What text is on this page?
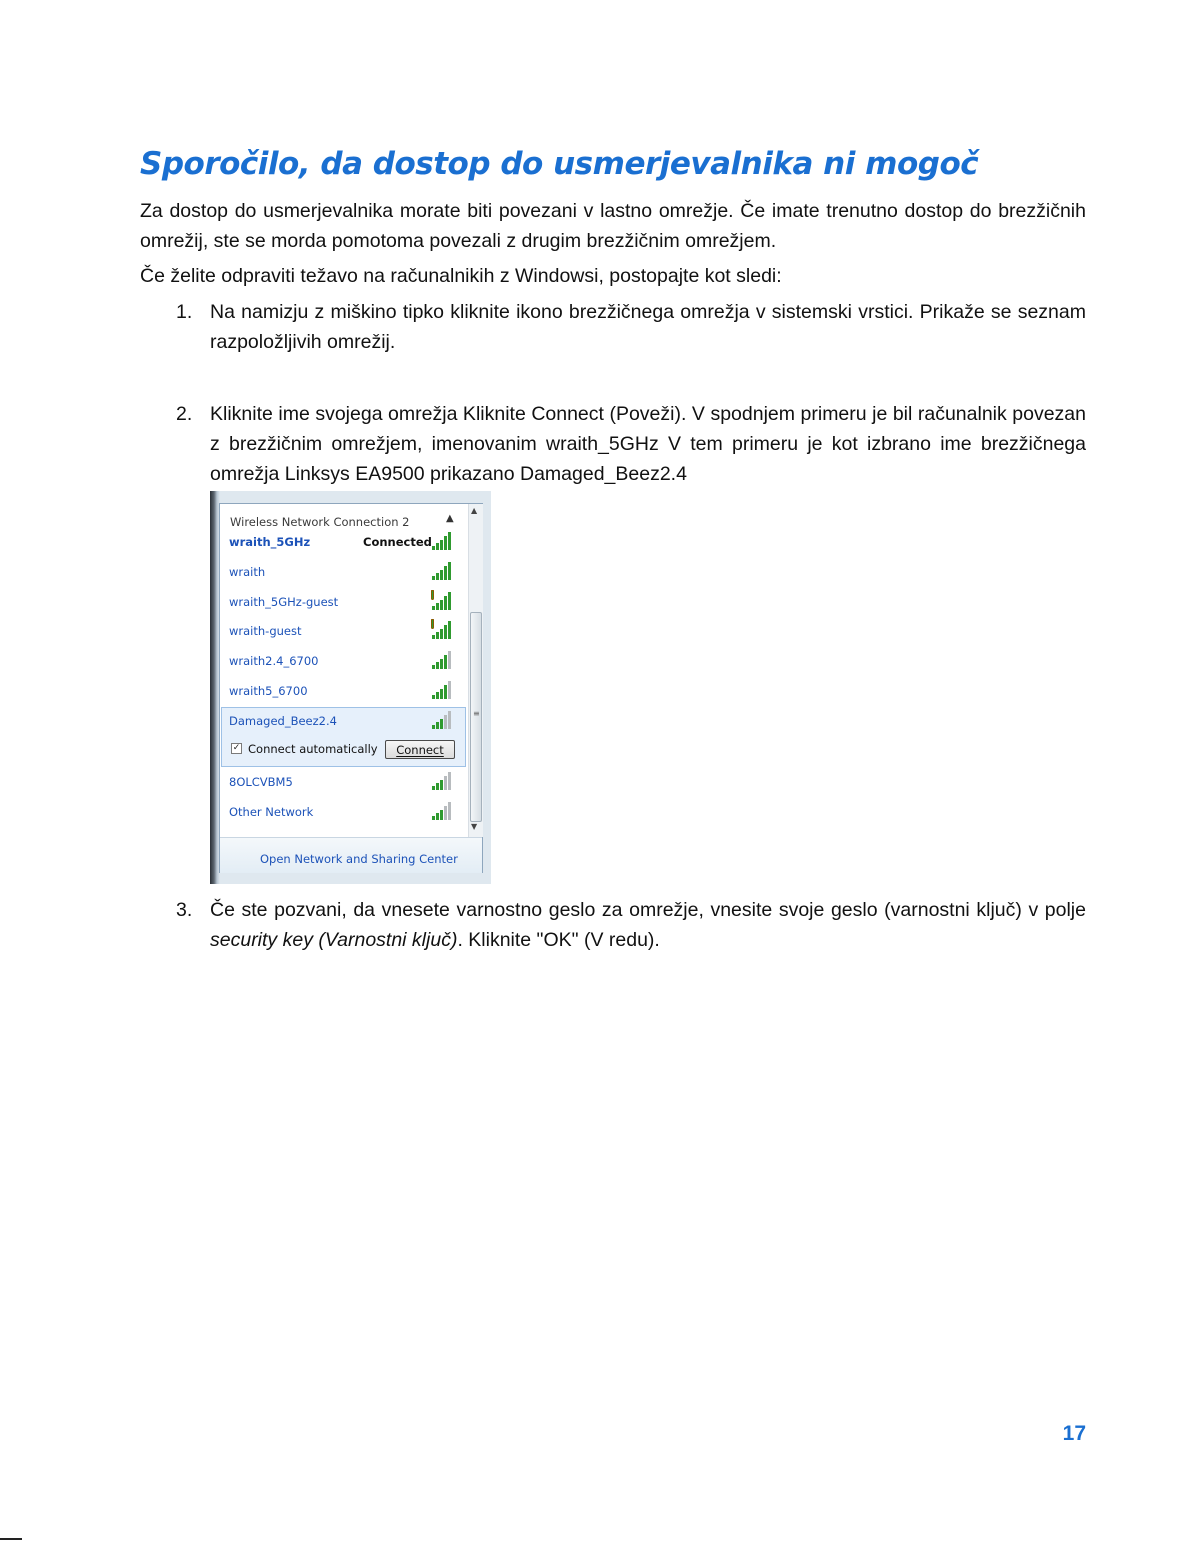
Sporočilo, da dostop do usmerjevalnika ni mogoč

Za dostop do usmerjevalnika morate biti povezani v lastno omrežje. Če imate trenutno dostop do brezžičnih omrežij, ste se morda pomotoma povezali z drugim brezžičnim omrežjem.

Če želite odpraviti težavo na računalnikih z Windowsi, postopajte kot sledi:

1. Na namizju z miškino tipko kliknite ikono brezžičnega omrežja v sistemski vrstici. Prikaže se seznam razpoložljivih omrežij.
2. Kliknite ime svojega omrežja Kliknite Connect (Poveži). V spodnjem primeru je bil računalnik povezan z brezžičnim omrežjem, imenovanim wraith_5GHz V tem primeru je kot izbrano ime brezžičnega omrežja Linksys EA9500 prikazano Damaged_Beez2.4
Wireless Network Connection 2	▲
▲
≡
▼
✓ Connect automatically	Connect
wraith_5GHz	Connected
wraith
wraith_5GHz-guest
wraith-guest
wraith2.4_6700
wraith5_6700
Damaged_Beez2.4
8OLCVBM5
Other Network
Open Network and Sharing Center
3. Če ste pozvani, da vnesete varnostno geslo za omrežje, vnesite svoje geslo (varnostni ključ) v polje security key (Varnostni ključ). Kliknite "OK" (V redu).
17
